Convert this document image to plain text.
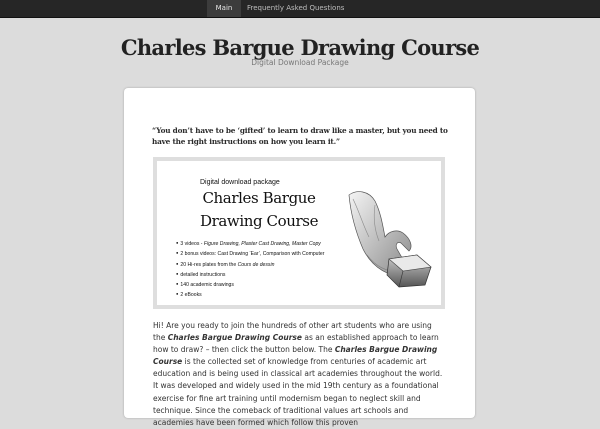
Main	Frequently Asked Questions
Charles Bargue Drawing Course
Digital Download Package
“You don’t have to be ‘gifted’ to learn to draw like a master, but you need to have the right instructions on how you learn it.”
Digital download package
Charles Bargue
Drawing Course
● 3 videos - Figure Drawing, Plaster Cast Drawing, Master Copy
● 2 bonus videos: Cast Drawing ‘Ear’, Comparison with Computer
● 20 Hi-res plates from the Cours de dessin
● detailed instructions
● 140 academic drawings
● 2 eBooks
Hi! Are you ready to join the hundreds of other art students who are using the Charles Bargue Drawing Course as an established approach to learn how to draw? – then click the button below. The Charles Bargue Drawing Course is the collected set of knowledge from centuries of academic art education and is being used in classical art academies throughout the world. It was developed and widely used in the mid 19th century as a foundational exercise for fine art training until modernism began to neglect skill and technique. Since the comeback of traditional values art schools and academies have been formed which follow this proven
